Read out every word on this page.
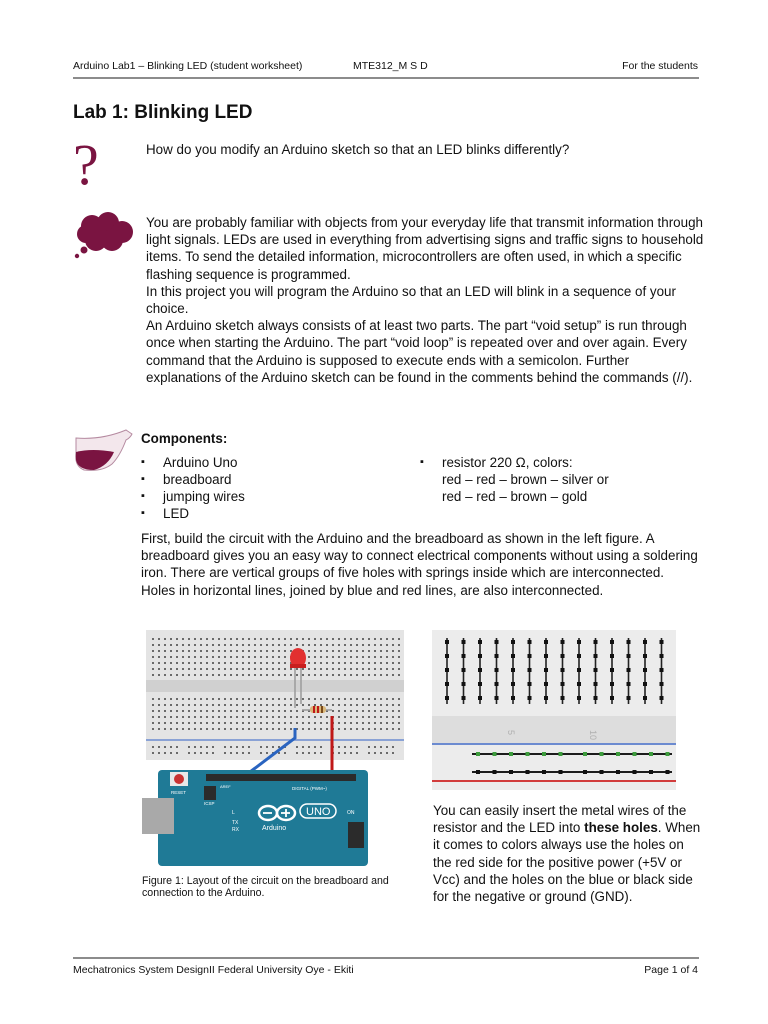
Arduino Lab1 – Blinking LED (student worksheet)	MTE312_M S D	For the students
Lab 1: Blinking LED
?	How do you modify an Arduino sketch so that an LED blinks differently?

You are probably familiar with objects from your everyday life that transmit information through light signals. LEDs are used in everything from advertising signs and traffic signs to household items. To send the detailed information, microcontrollers are often used, in which a specific flashing sequence is programmed.

In this project you will program the Arduino so that an LED will blink in a sequence of your choice.

An Arduino sketch always consists of at least two parts. The part “void setup” is run through once when starting the Arduino. The part “void loop” is repeated over and over again. Every command that the Arduino is supposed to execute ends with a semicolon. Further explanations of the Arduino sketch can be found in the comments behind the commands (//).

Components:
▪ Arduino Uno
▪ breadboard
▪ jumping wires
▪ LED
▪ resistor 220 Ω, colors:
red – red – brown – silver or
red – red – brown – gold
First, build the circuit with the Arduino and the breadboard as shown in the left figure. A breadboard gives you an easy way to connect electrical components without using a soldering iron. There are vertical groups of five holes with springs inside which are interconnected. Holes in horizontal lines, joined by blue and red lines, are also interconnected.
RESET
ICSP
DIGITAL (PWM~)
AREF
ON
L
TX
RX	Arduino
UNO
Figure 1: Layout of the circuit on the breadboard and connection to the Arduino.
5	10
You can easily insert the metal wires of the resistor and the LED into these holes. When it comes to colors always use the holes on the red side for the positive power (+5V or Vcc) and the holes on the blue or black side for the negative or ground (GND).
Mechatronics System DesignII Federal University Oye - Ekiti	Page 1 of 4
